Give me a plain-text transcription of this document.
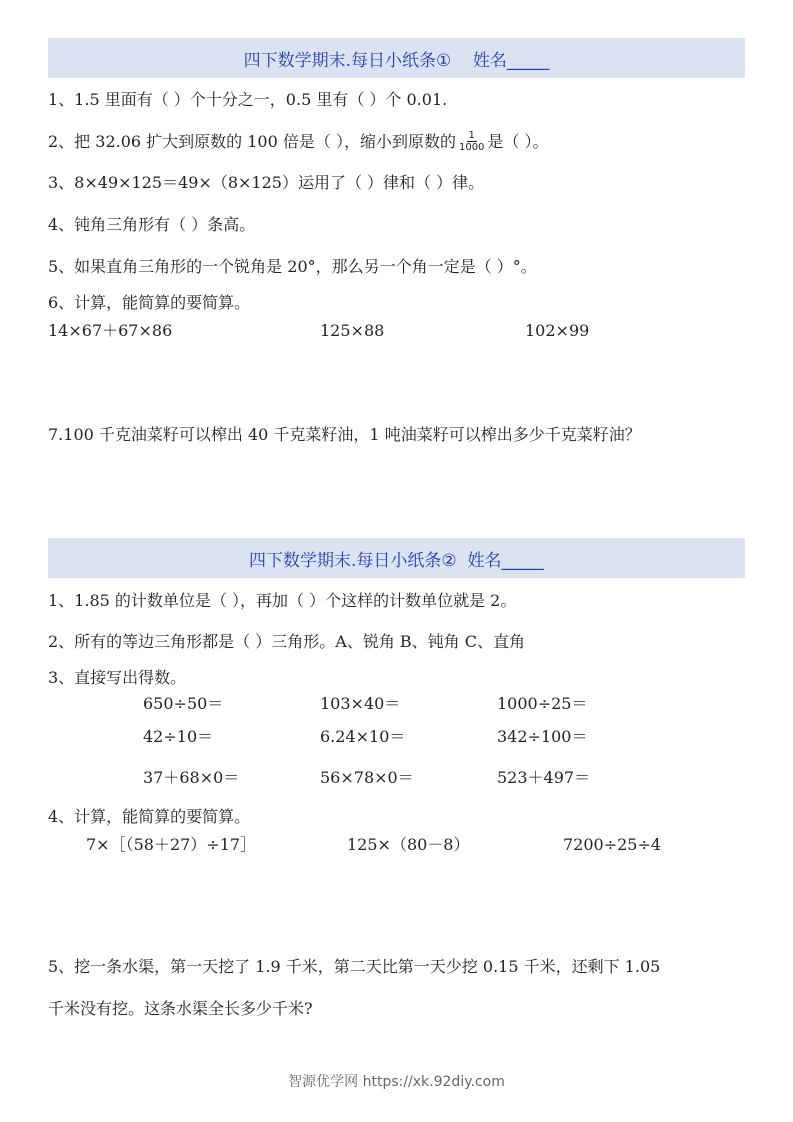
四下数学期末.每日小纸条①    姓名_____
1、1.5 里面有（ ）个十分之一，0.5 里有（ ）个 0.01.
2、把 32.06 扩大到原数的 100 倍是（ ），缩小到原数的 $\frac{1}{1000}$ 是（ ）。
3、8×49×125＝49×（8×125）运用了（ ）律和（ ）律。
4、钝角三角形有（ ）条高。
5、如果直角三角形的一个锐角是 20°，那么另一个角一定是（ ）°。
6、计算，能简算的要简算。
14×67＋67×86	125×88	102×99
7.100 千克油菜籽可以榨出 40 千克菜籽油，1 吨油菜籽可以榨出多少千克菜籽油？
四下数学期末.每日小纸条②  姓名_____
1、1.85 的计数单位是（ ），再加（ ）个这样的计数单位就是 2。
2、所有的等边三角形都是（ ）三角形。A、锐角 B、钝角 C、直角
3、直接写出得数。
650÷50＝	103×40＝	1000÷25＝
42÷10＝	6.24×10＝	342÷100＝
37＋68×0＝	56×78×0＝	523＋497＝
4、计算，能简算的要简算。
7×［（58＋27）÷17］	125×（80－8）	7200÷25÷4
5、挖一条水渠，第一天挖了 1.9 千米，第二天比第一天少挖 0.15 千米，还剩下 1.05
千米没有挖。这条水渠全长多少千米?
智源优学网 https://xk.92diy.com
